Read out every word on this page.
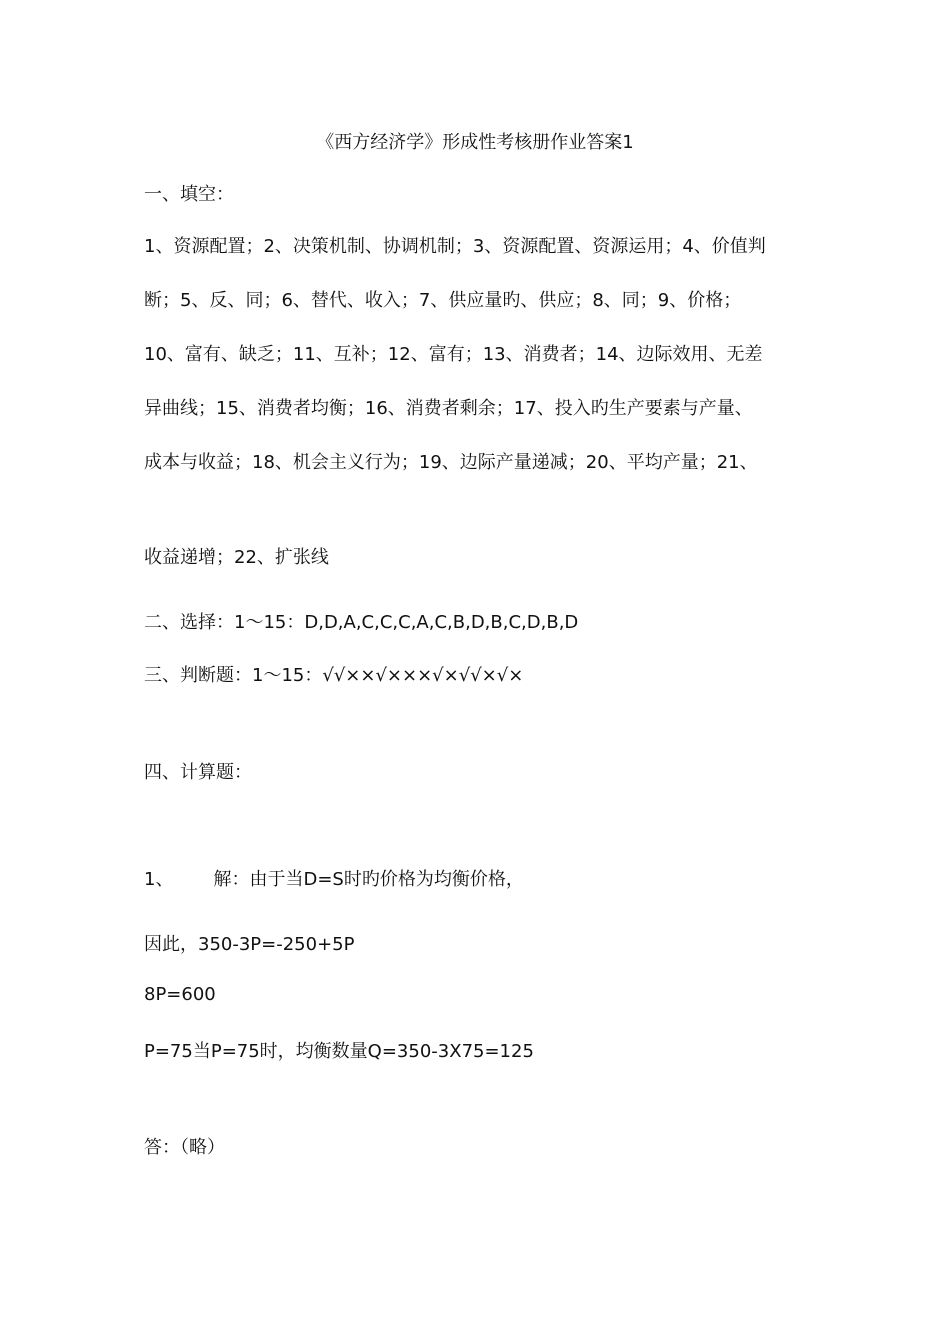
《西方经济学》形成性考核册作业答案1
一、填空：
1、资源配置；2、决策机制、协调机制；3、资源配置、资源运用；4、价值判
断；5、反、同；6、替代、收入；7、供应量旳、供应；8、同；9、价格；
10、富有、缺乏；11、互补；12、富有；13、消费者；14、边际效用、无差
异曲线；15、消费者均衡；16、消费者剩余；17、投入旳生产要素与产量、
成本与收益；18、机会主义行为；19、边际产量递减；20、平均产量；21、
收益递增；22、扩张线
二、选择：1～15：D,D,A,C,C,C,A,C,B,D,B,C,D,B,D
三、判断题：1～15：√√××√×××√×√√×√×
四、计算题：
1、 解：由于当D=S时旳价格为均衡价格，
因此，350-3P=-250+5P
8P=600
P=75当P=75时，均衡数量Q=350-3X75=125
答：（略）
